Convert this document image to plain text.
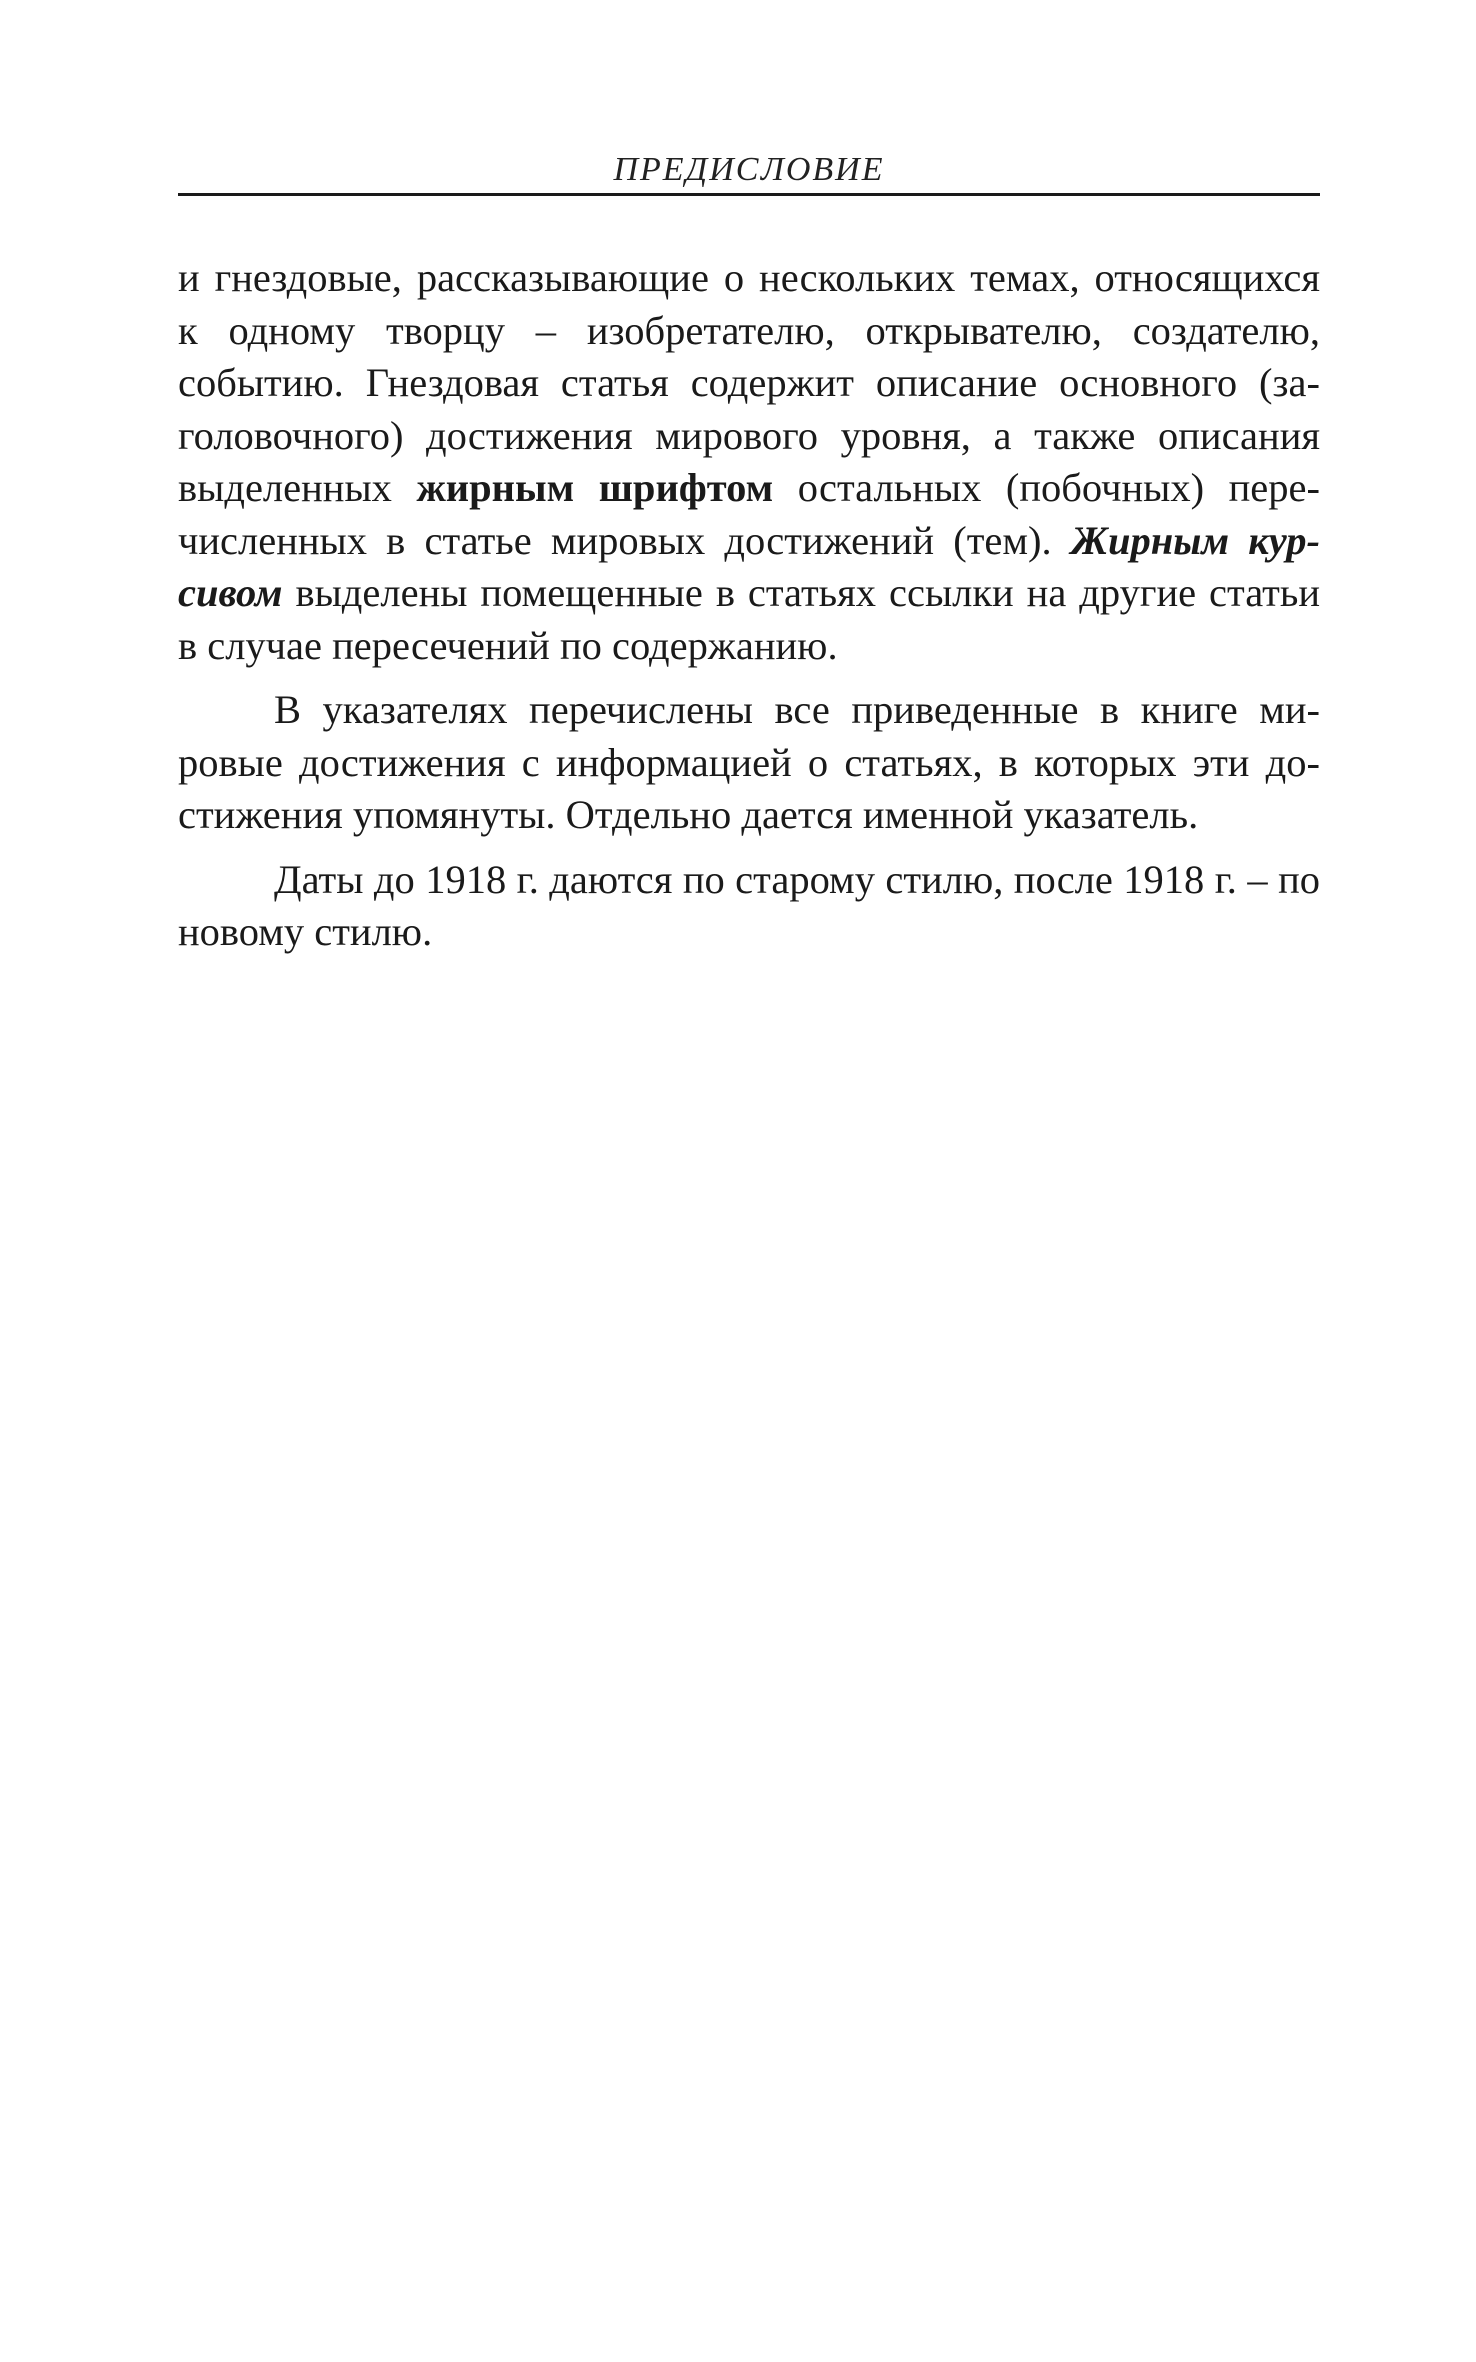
ПРЕДИСЛОВИЕ

и гнездовые, рассказывающие о нескольких темах, относящихся к одному творцу – изобретателю, открывателю, создателю, событию. Гнездовая статья содержит описание основного (заголовочного) достижения мирового уровня, а также описания выделенных жирным шрифтом остальных (побочных) перечисленных в статье мировых достижений (тем). Жирным курсивом выделены помещенные в статьях ссылки на другие статьи в случае пересечений по содержанию.

В указателях перечислены все приведенные в книге мировые достижения с информацией о статьях, в которых эти достижения упомянуты. Отдельно дается именной указатель.

Даты до 1918 г. даются по старому стилю, после 1918 г. – по новому стилю.
